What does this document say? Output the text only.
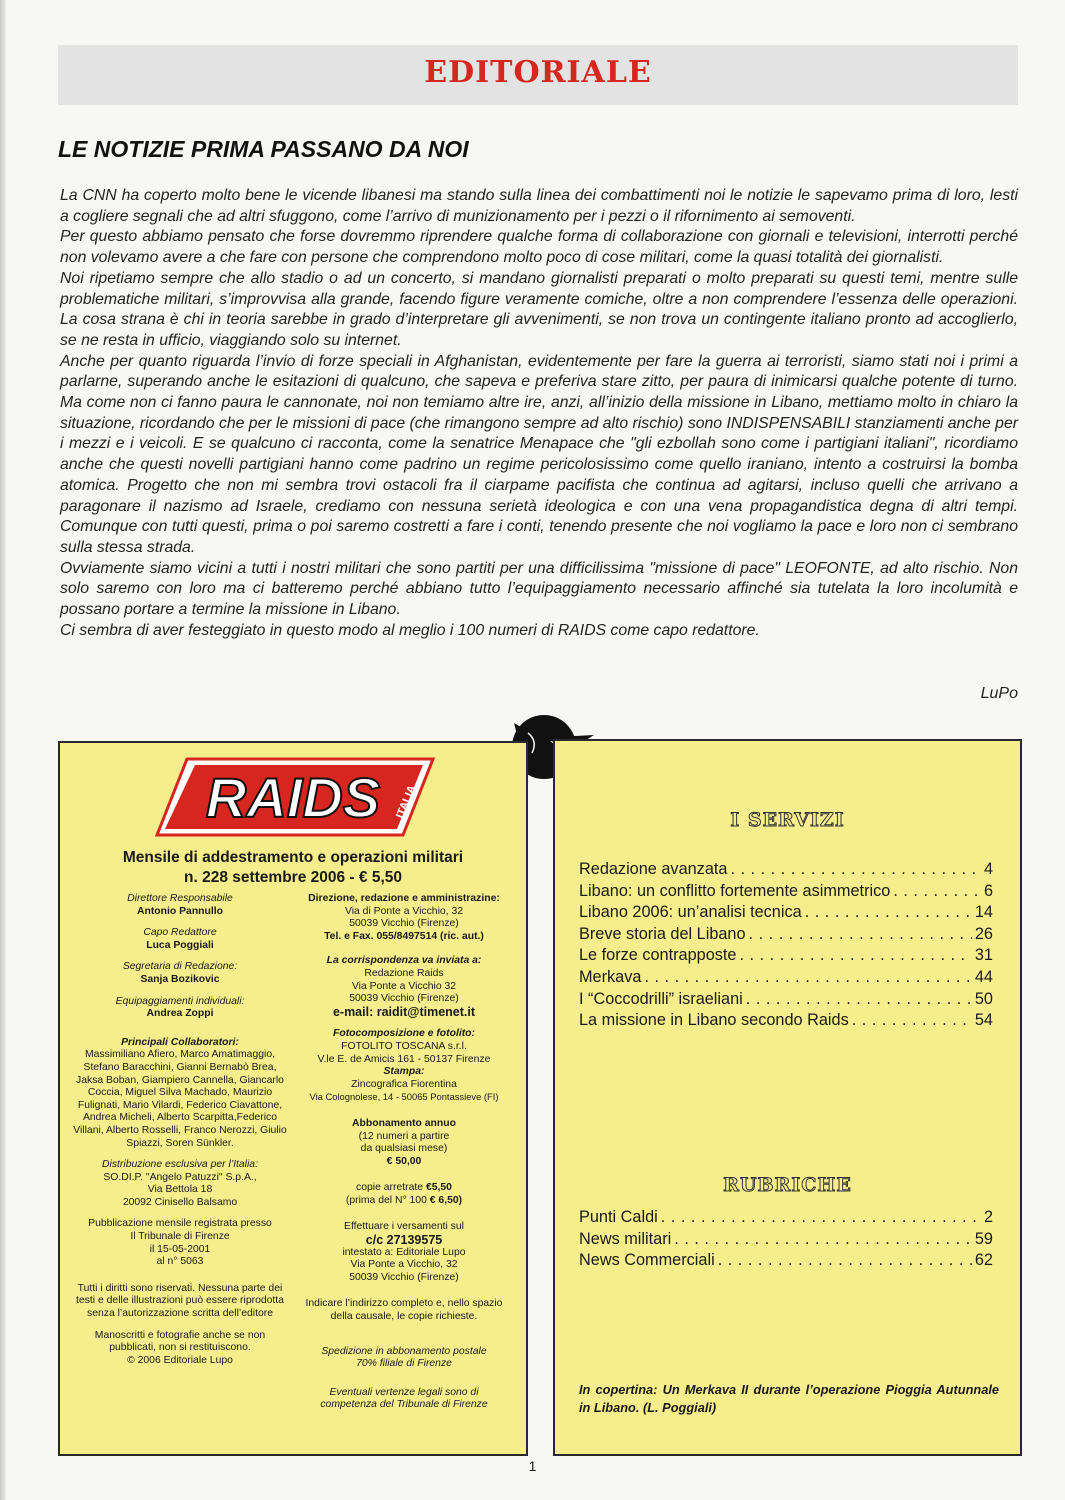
EDITORIALE
LE NOTIZIE PRIMA PASSANO DA NOI

La CNN ha coperto molto bene le vicende libanesi ma stando sulla linea dei combattimenti noi le notizie le sapevamo prima di loro, lesti a cogliere segnali che ad altri sfuggono, come l’arrivo di munizionamento per i pezzi o il rifornimento ai semoventi.

Per questo abbiamo pensato che forse dovremmo riprendere qualche forma di collaborazione con giornali e televisioni, interrotti perché non volevamo avere a che fare con persone che comprendono molto poco di cose militari, come la quasi totalità dei giornalisti.

Noi ripetiamo sempre che allo stadio o ad un concerto, si mandano giornalisti preparati o molto preparati su questi temi, mentre sulle problematiche militari, s’improvvisa alla grande, facendo figure veramente comiche, oltre a non comprendere l’essenza delle operazioni. La cosa strana è chi in teoria sarebbe in grado d’interpretare gli avvenimenti, se non trova un contingente italiano pronto ad accoglierlo, se ne resta in ufficio, viaggiando solo su internet.

Anche per quanto riguarda l’invio di forze speciali in Afghanistan, evidentemente per fare la guerra ai terroristi, siamo stati noi i primi a parlarne, superando anche le esitazioni di qualcuno, che sapeva e preferiva stare zitto, per paura di inimicarsi qualche potente di turno. Ma come non ci fanno paura le cannonate, noi non temiamo altre ire, anzi, all’inizio della missione in Libano, mettiamo molto in chiaro la situazione, ricordando che per le missioni di pace (che rimangono sempre ad alto rischio) sono INDISPENSABILI stanziamenti anche per i mezzi e i veicoli. E se qualcuno ci racconta, come la senatrice Menapace che "gli ezbollah sono come i partigiani italiani", ricordiamo anche che questi novelli partigiani hanno come padrino un regime pericolosissimo come quello iraniano, intento a costruirsi la bomba atomica. Progetto che non mi sembra trovi ostacoli fra il ciarpame pacifista che continua ad agitarsi, incluso quelli che arrivano a paragonare il nazismo ad Israele, crediamo con nessuna serietà ideologica e con una vena propagandistica degna di altri tempi. Comunque con tutti questi, prima o poi saremo costretti a fare i conti, tenendo presente che noi vogliamo la pace e loro non ci sembrano sulla stessa strada.

Ovviamente siamo vicini a tutti i nostri militari che sono partiti per una difficilissima "missione di pace" LEOFONTE, ad alto rischio. Non solo saremo con loro ma ci batteremo perché abbiano tutto l’equipaggiamento necessario affinché sia tutelata la loro incolumità e possano portare a termine la missione in Libano.

Ci sembra di aver festeggiato in questo modo al meglio i 100 numeri di RAIDS come capo redattore.

LuPo
RAIDS ITALIA
Mensile di addestramento e operazioni militari
n. 228 settembre 2006 - € 5,50
Direttore Responsabile
Antonio Pannullo
Capo Redattore
Luca Poggiali
Segretaria di Redazione:
Sanja Bozikovic
Equipaggiamenti individuali:
Andrea Zoppi
Principali Collaboratori:
Massimiliano Afiero, Marco Amatimaggio, Stefano Baracchini, Gianni Bernabò Brea, Jaksa Boban, Giampiero Cannella, Giancarlo Coccia, Miguel Silva Machado, Maurizio Fulignati, Mario Vilardi, Federico Ciavattone, Andrea Micheli, Alberto Scarpitta,Federico Villani, Alberto Rosselli, Franco Nerozzi, Giulio Spiazzi, Soren Sünkler.
Distribuzione esclusiva per l’Italia:
SO.DI.P. "Angelo Patuzzi" S.p.A.,
Via Bettola 18
20092 Cinisello Balsamo
Pubblicazione mensile registrata presso
Il Tribunale di Firenze
il 15-05-2001
al n° 5063
Tutti i diritti sono riservati. Nessuna parte dei testi e delle illustrazioni può essere riprodotta senza l’autorizzazione scritta dell’editore
Manoscritti e fotografie anche se non pubblicati, non si restituiscono.
© 2006 Editoriale Lupo
Direzione, redazione e amministrazine:
Via di Ponte a Vicchio, 32
50039 Vicchio (Firenze)
Tel. e Fax. 055/8497514 (ric. aut.)
La corrispondenza va inviata a:
Redazione Raids
Via Ponte a Vicchio 32
50039 Vicchio (Firenze)
e-mail: raidit@timenet.it
Fotocomposizione e fotolito:
FOTOLITO TOSCANA s.r.l.
V.le E. de Amicis 161 - 50137 Firenze
Stampa:
Zincografica Fiorentina
Via Colognolese, 14 - 50065 Pontassieve (FI)
Abbonamento annuo
(12 numeri a partire
da qualsiasi mese)
€ 50,00
copie arretrate €5,50
(prima del N° 100 € 6,50)
Effettuare i versamenti sul
c/c 27139575
intestato a: Editoriale Lupo
Via Ponte a Vicchio, 32
50039 Vicchio (Firenze)
Indicare l’indirizzo completo e, nello spazio della causale, le copie richieste.
Spedizione in abbonamento postale
70% filiale di Firenze
Eventuali vertenze legali sono di
competenza del Tribunale di Firenze
I SERVIZI
Redazione avanzata . . .	4
Libano: un conflitto fortemente asimmetrico . . .	6
Libano 2006: un’analisi tecnica . . .	14
Breve storia del Libano . . .	26
Le forze contrapposte . . .	31
Merkava . . .	44
I “Coccodrilli” israeliani . . .	50
La missione in Libano secondo Raids . . .	54
RUBRICHE
Punti Caldi . . .	2
News militari . . .	59
News Commerciali . . .	62
In copertina: Un Merkava II durante l’operazione Pioggia Autunnale in Libano. (L. Poggiali)
1
